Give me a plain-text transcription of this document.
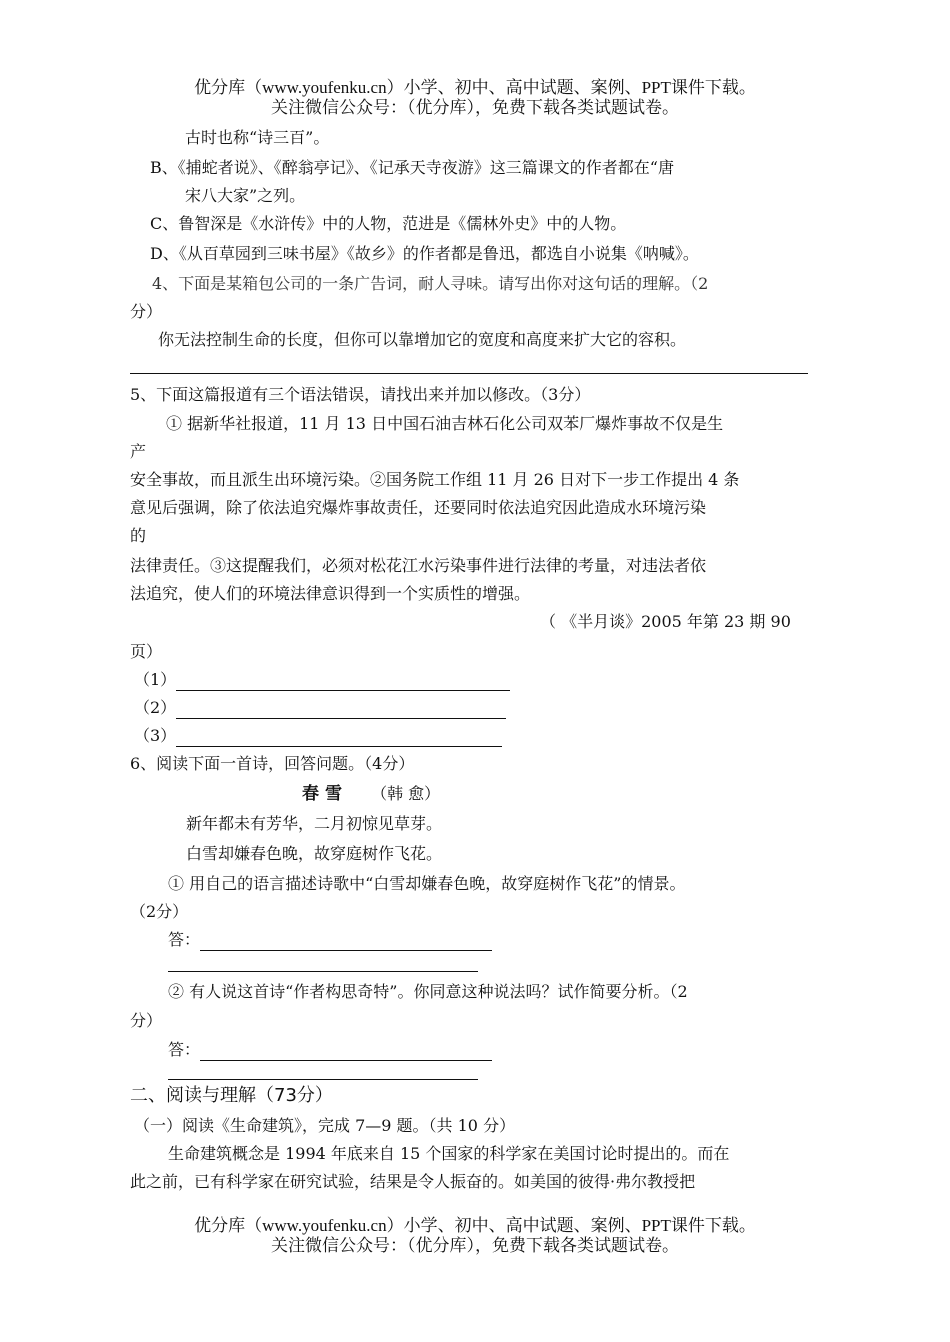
优分库（www.youfenku.cn）小学、初中、高中试题、案例、PPT课件下载。
关注微信公众号：（优分库），免费下载各类试题试卷。
古时也称“诗三百”。
B、《捕蛇者说》、《醉翁亭记》、《记承天寺夜游》这三篇课文的作者都在“唐
宋八大家”之列。
C、鲁智深是《水浒传》中的人物，范进是《儒林外史》中的人物。
D、《从百草园到三味书屋》《故乡》的作者都是鲁迅，都选自小说集《呐喊》。
4、下面是某箱包公司的一条广告词，耐人寻味。请写出你对这句话的理解。（2
分）
你无法控制生命的长度，但你可以靠增加它的宽度和高度来扩大它的容积。
5、下面这篇报道有三个语法错误，请找出来并加以修改。（3分）
① 据新华社报道，11 月 13 日中国石油吉林石化公司双苯厂爆炸事故不仅是生
产
安全事故，而且派生出环境污染。②国务院工作组 11 月 26 日对下一步工作提出 4 条
意见后强调，除了依法追究爆炸事故责任，还要同时依法追究因此造成水环境污染
的
法律责任。③这提醒我们，必须对松花江水污染事件进行法律的考量，对违法者依
法追究，使人们的环境法律意识得到一个实质性的增强。
（ 《半月谈》2005 年第 23 期 90
页）
（1）
（2）
（3）
6、阅读下面一首诗，回答问题。（4分）
春雪 （韩 愈）
新年都未有芳华，二月初惊见草芽。
白雪却嫌春色晚，故穿庭树作飞花。
① 用自己的语言描述诗歌中“白雪却嫌春色晚，故穿庭树作飞花”的情景。
（2分）
答：
② 有人说这首诗“作者构思奇特”。你同意这种说法吗？试作简要分析。（2
分）
答：
二、阅读与理解（73分）
（一）阅读《生命建筑》，完成 7—9 题。（共 10 分）
生命建筑概念是 1994 年底来自 15 个国家的科学家在美国讨论时提出的。而在
此之前，已有科学家在研究试验，结果是令人振奋的。如美国的彼得·弗尔教授把
优分库（www.youfenku.cn）小学、初中、高中试题、案例、PPT课件下载。
关注微信公众号：（优分库），免费下载各类试题试卷。
